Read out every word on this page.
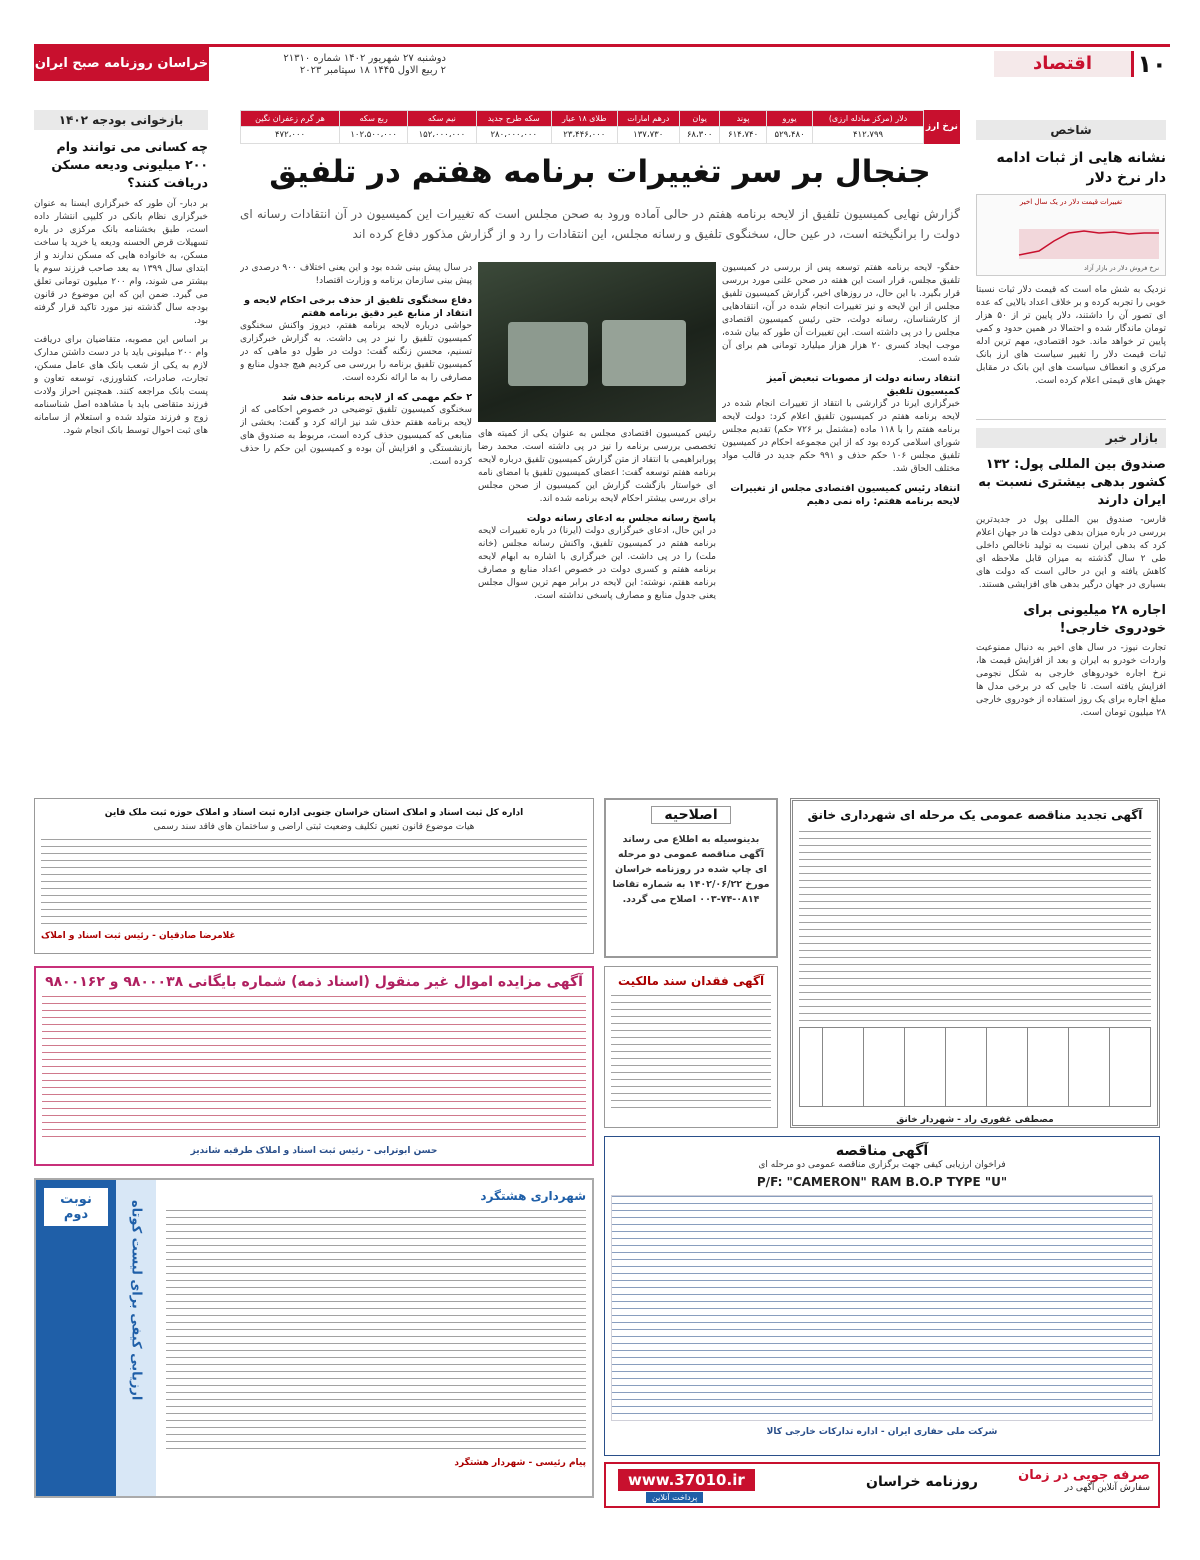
۱۰
اقتصاد
دوشنبه ۲۷ شهریور ۱۴۰۲ شماره ۲۱۳۱۰
۲ ربیع الاول ۱۴۴۵ ۱۸ سپتامبر ۲۰۲۳
خراسان روزنامه صبح ایران
شاخص
نشانه هایی از ثبات ادامه دار نرخ دلار
تغییرات قیمت دلار در یک سال اخیر
نرخ فروش دلار در بازار آزاد
نزدیک به شش ماه است که قیمت دلار ثبات نسبتا خوبی را تجربه کرده و بر خلاف اعداد بالایی که عده ای تصور آن را داشتند، دلار پایین تر از ۵۰ هزار تومان ماندگار شده و احتمالا در همین حدود و کمی پایین تر خواهد ماند. خود اقتصادی، مهم ترین ادله ثبات قیمت دلار را تغییر سیاست های ارز بانک مرکزی و انعطاف سیاست های این بانک در مقابل جهش های قیمتی اعلام کرده است.
بازار خبر
صندوق بین المللی پول: ۱۳۲ کشور بدهی بیشتری نسبت به ایران دارند
فارس- صندوق بین المللی پول در جدیدترین بررسی در باره میزان بدهی دولت ها در جهان اعلام کرد که بدهی ایران نسبت به تولید ناخالص داخلی طی ۲ سال گذشته به میزان قابل ملاحظه ای کاهش یافته و این در حالی است که دولت های بسیاری در جهان درگیر بدهی های افزایشی هستند.
اجاره ۲۸ میلیونی برای خودروی خارجی!
تجارت نیوز- در سال های اخیر به دنبال ممنوعیت واردات خودرو به ایران و بعد از افزایش قیمت ها، نرخ اجاره خودروهای خارجی به شکل نجومی افزایش یافته است. تا جایی که در برخی مدل ها مبلغ اجاره برای یک روز استفاده از خودروی خارجی ۲۸ میلیون تومان است.
نرخ ارز
دلار (مرکز مبادله ارزی)	یورو	پوند	یوان	درهم امارات	طلای ۱۸ عیار	سکه طرح جدید	نیم سکه	ربع سکه	هر گرم زعفران نگین
۴۱۲،۷۹۹	۵۲۹،۴۸۰	۶۱۴،۷۴۰	۶۸،۳۰۰	۱۳۷،۷۳۰	۲۳،۴۴۶،۰۰۰	۲۸۰،۰۰۰،۰۰۰	۱۵۲،۰۰۰،۰۰۰	۱۰۲،۵۰۰،۰۰۰	۴۷۲،۰۰۰
جنجال بر سر تغییرات برنامه هفتم در تلفیق
گزارش نهایی کمیسیون تلفیق از لایحه برنامه هفتم در حالی آماده ورود به صحن مجلس است که تغییرات این کمیسیون در آن انتقادات رسانه ای دولت را برانگیخته است، در عین حال، سخنگوی تلفیق و رسانه مجلس، این انتقادات را رد و از گزارش مذکور دفاع کرده اند
حقگو- لایحه برنامه هفتم توسعه پس از بررسی در کمیسیون تلفیق مجلس، قرار است این هفته در صحن علنی مورد بررسی قرار بگیرد. با این حال، در روزهای اخیر، گزارش کمیسیون تلفیق مجلس از این لایحه و نیز تغییرات انجام شده در آن، انتقادهایی از کارشناسان، رسانه دولت، حتی رئیس کمیسیون اقتصادی مجلس را در پی داشته است. این تغییرات آن طور که بیان شده، موجب ایجاد کسری ۲۰ هزار هزار میلیارد تومانی هم برای آن شده است.
انتقاد رسانه دولت از مصوبات تبعیض آمیز کمیسیون تلفیق
خبرگزاری ایرنا در گزارشی با انتقاد از تغییرات انجام شده در لایحه برنامه هفتم در کمیسیون تلفیق اعلام کرد: دولت لایحه برنامه هفتم را با ۱۱۸ ماده (مشتمل بر ۷۲۶ حکم) تقدیم مجلس شورای اسلامی کرده بود که از این مجموعه احکام در کمیسیون تلفیق مجلس ۱۰۶ حکم حذف و ۹۹۱ حکم جدید در قالب مواد مختلف الحاق شد.
انتقاد رئیس کمیسیون اقتصادی مجلس از تغییرات لایحه برنامه هفتم: راه نمی دهیم
رئیس کمیسیون اقتصادی مجلس به عنوان یکی از کمیته های تخصصی بررسی برنامه را نیز در پی داشته است. محمد رضا پورابراهیمی با انتقاد از متن گزارش کمیسیون تلفیق درباره لایحه برنامه هفتم توسعه گفت: اعضای کمیسیون تلفیق با امضای نامه ای خواستار بازگشت گزارش این کمیسیون از صحن مجلس برای بررسی بیشتر احکام لایحه برنامه شده اند.
پاسخ رسانه مجلس به ادعای رسانه دولت
در این حال، ادعای خبرگزاری دولت (ایرنا) در باره تغییرات لایحه برنامه هفتم در کمیسیون تلفیق، واکنش رسانه مجلس (خانه ملت) را در پی داشت. این خبرگزاری با اشاره به ابهام لایحه برنامه هفتم و کسری دولت در خصوص اعداد منابع و مصارف برنامه هفتم، نوشته: این لایحه در برابر مهم ترین سوال مجلس یعنی جدول منابع و مصارف پاسخی نداشته است.
در سال پیش بینی شده بود و این یعنی اختلاف ۹۰۰ درصدی در پیش بینی سازمان برنامه و وزارت اقتصاد!
دفاع سخنگوی تلفیق از حذف برخی احکام لایحه و انتقاد از منابع غیر دقیق برنامه هفتم
حواشی درباره لایحه برنامه هفتم، دیروز واکنش سخنگوی کمیسیون تلفیق را نیز در پی داشت. به گزارش خبرگزاری تسنیم، محسن زنگنه گفت: دولت در طول دو ماهی که در کمیسیون تلفیق برنامه را بررسی می کردیم هیچ جدول منابع و مصارفی را به ما ارائه نکرده است.
۲ حکم مهمی که از لایحه برنامه حذف شد
سخنگوی کمیسیون تلفیق توضیحی در خصوص احکامی که از لایحه برنامه هفتم حذف شد نیز ارائه کرد و گفت: بخشی از منابعی که کمیسیون حذف کرده است، مربوط به صندوق های بازنشستگی و افزایش آن بوده و کمیسیون این حکم را حذف کرده است.
بازخوانی بودجه ۱۴۰۲
چه کسانی می توانند وام ۲۰۰ میلیونی ودیعه مسکن دریافت کنند؟
بر دبار- آن طور که خبرگزاری ایسنا به عنوان خبرگزاری نظام بانکی در کلیپی انتشار داده است، طبق بخشنامه بانک مرکزی در باره تسهیلات قرض الحسنه ودیعه یا خرید یا ساخت مسکن، به خانواده هایی که مسکن ندارند و از ابتدای سال ۱۳۹۹ به بعد صاحب فرزند سوم یا بیشتر می شوند، وام ۲۰۰ میلیون تومانی تعلق می گیرد. ضمن این که این موضوع در قانون بودجه سال گذشته نیز مورد تاکید قرار گرفته بود.
بر اساس این مصوبه، متقاضیان برای دریافت وام ۲۰۰ میلیونی باید با در دست داشتن مدارک لازم به یکی از شعب بانک های عامل مسکن، تجارت، صادرات، کشاورزی، توسعه تعاون و پست بانک مراجعه کنند. همچنین احراز ولادت فرزند متقاضی باید با مشاهده اصل شناسنامه زوج و فرزند متولد شده و استعلام از سامانه های ثبت احوال توسط بانک انجام شود.
اداره کل ثبت اسناد و املاک استان خراسان جنوبی اداره ثبت اسناد و املاک حوزه ثبت ملک قاین
هیات موضوع قانون تعیین تکلیف وضعیت ثبتی اراضی و ساختمان های فاقد سند رسمی
غلامرضا صادقیان - رئیس ثبت اسناد و املاک
اصلاحیه
بدینوسیله به اطلاع می رساند آگهی مناقصه عمومی دو مرحله ای چاپ شده در روزنامه خراسان مورخ ۱۴۰۲/۰۶/۲۲ به شماره تقاضا ۰۸۱۴-۷۴-۰۰۳ اصلاح می گردد.
آگهی تجدید مناقصه عمومی یک مرحله ای شهرداری خانق
مصطفی غفوری راد - شهردار خانق
آگهی فقدان سند مالکیت
آگهی مزایده اموال غیر منقول (اسناد ذمه) شماره بایگانی ۹۸۰۰۰۳۸ و ۹۸۰۰۱۶۲
حسن ابوترابی - رئیس ثبت اسناد و املاک طرقبه شاندیز	آگهی مناقصه
فراخوان ارزیابی کیفی جهت برگزاری مناقصه عمومی دو مرحله ای
P/F: "CAMERON" RAM B.O.P TYPE "U"
شرکت ملی حفاری ایران - اداره تدارکات خارجی کالا
نوبت دوم	ارزیابی کیفی برای لیست کوتاه
شهرداری هشتگرد
پیام رئیسی - شهردار هشتگرد
صرفه جویی در زمان
سفارش آنلاین آگهی در
روزنامه خراسان
www.37010.ir
پرداخت آنلاین
